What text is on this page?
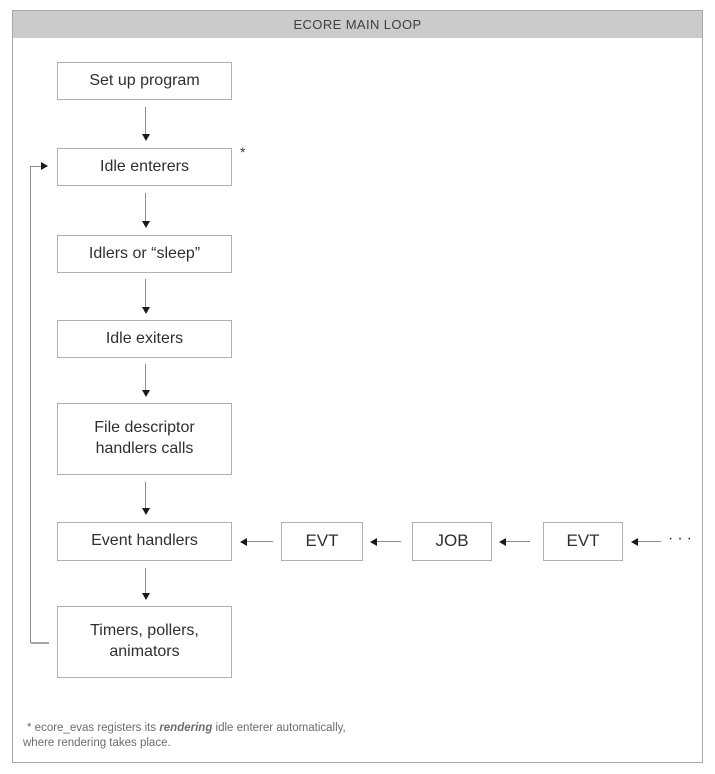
ECORE MAIN LOOP
Set up program
Idle enterers
Idlers or “sleep”
Idle exiters
File descriptor handlers calls
Event handlers
Timers, pollers, animators
*
EVT	JOB	EVT	···
* ecore_evas registers its rendering idle enterer automatically,
where rendering takes place.
